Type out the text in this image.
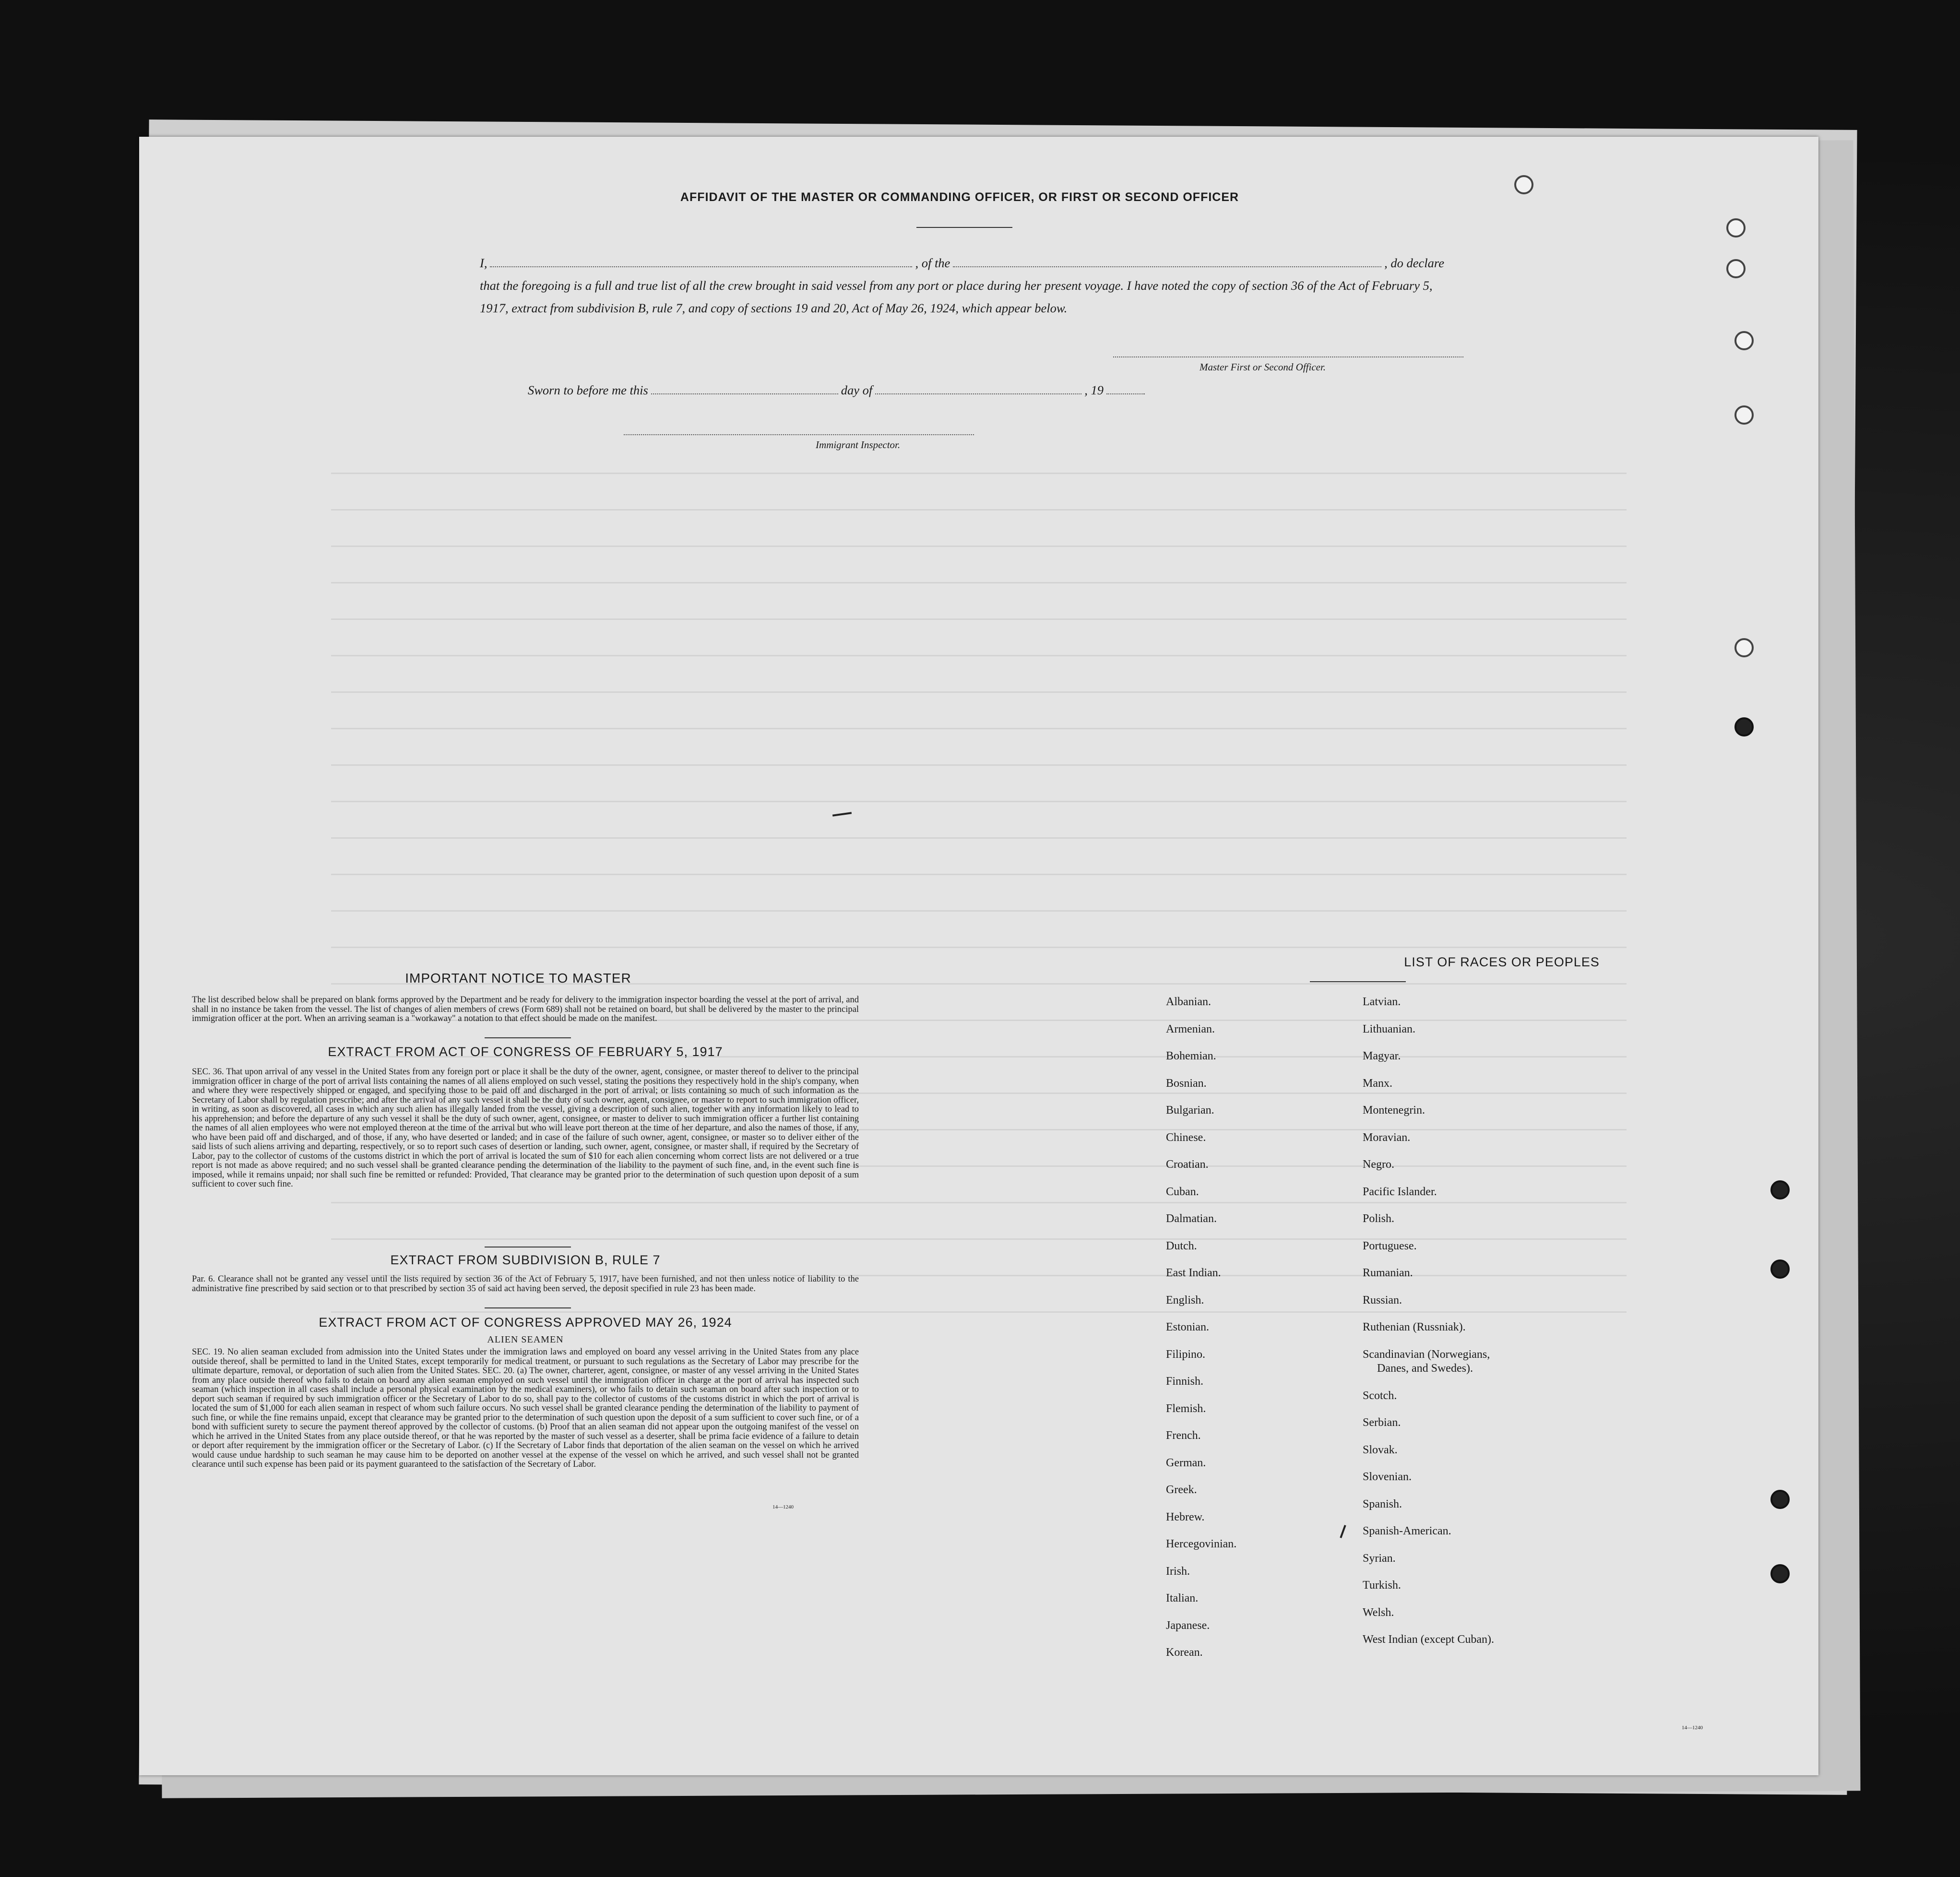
AFFIDAVIT OF THE MASTER OR COMMANDING OFFICER, OR FIRST OR SECOND OFFICER
I,	, of the	, do declare
that the foregoing is a full and true list of all the crew brought in said vessel from any port or place during her present voyage. I have noted the copy of section 36 of the Act of February 5, 1917, extract from subdivision B, rule 7, and copy of sections 19 and 20, Act of May 26, 1924, which appear below.
Master First or Second Officer.
Sworn to before me this	day of	, 19
Immigrant Inspector.
IMPORTANT NOTICE TO MASTER
The list described below shall be prepared on blank forms approved by the Department and be ready for delivery to the immigration inspector boarding the vessel at the port of arrival, and shall in no instance be taken from the vessel. The list of changes of alien members of crews (Form 689) shall not be retained on board, but shall be delivered by the master to the principal immigration officer at the port. When an arriving seaman is a "workaway" a notation to that effect should be made on the manifest.
EXTRACT FROM ACT OF CONGRESS OF FEBRUARY 5, 1917
SEC. 36. That upon arrival of any vessel in the United States from any foreign port or place it shall be the duty of the owner, agent, consignee, or master thereof to deliver to the principal immigration officer in charge of the port of arrival lists containing the names of all aliens employed on such vessel, stating the positions they respectively hold in the ship's company, when and where they were respectively shipped or engaged, and specifying those to be paid off and discharged in the port of arrival; or lists containing so much of such information as the Secretary of Labor shall by regulation prescribe; and after the arrival of any such vessel it shall be the duty of such owner, agent, consignee, or master to report to such immigration officer, in writing, as soon as discovered, all cases in which any such alien has illegally landed from the vessel, giving a description of such alien, together with any information likely to lead to his apprehension; and before the departure of any such vessel it shall be the duty of such owner, agent, consignee, or master to deliver to such immigration officer a further list containing the names of all alien employees who were not employed thereon at the time of the arrival but who will leave port thereon at the time of her departure, and also the names of those, if any, who have been paid off and discharged, and of those, if any, who have deserted or landed; and in case of the failure of such owner, agent, consignee, or master so to deliver either of the said lists of such aliens arriving and departing, respectively, or so to report such cases of desertion or landing, such owner, agent, consignee, or master shall, if required by the Secretary of Labor, pay to the collector of customs of the customs district in which the port of arrival is located the sum of $10 for each alien concerning whom correct lists are not delivered or a true report is not made as above required; and no such vessel shall be granted clearance pending the determination of the liability to the payment of such fine, and, in the event such fine is imposed, while it remains unpaid; nor shall such fine be remitted or refunded: Provided, That clearance may be granted prior to the determination of such question upon deposit of a sum sufficient to cover such fine.
EXTRACT FROM SUBDIVISION B, RULE 7
Par. 6. Clearance shall not be granted any vessel until the lists required by section 36 of the Act of February 5, 1917, have been furnished, and not then unless notice of liability to the administrative fine prescribed by said section or to that prescribed by section 35 of said act having been served, the deposit specified in rule 23 has been made.
EXTRACT FROM ACT OF CONGRESS APPROVED MAY 26, 1924
ALIEN SEAMEN
SEC. 19. No alien seaman excluded from admission into the United States under the immigration laws and employed on board any vessel arriving in the United States from any place outside thereof, shall be permitted to land in the United States, except temporarily for medical treatment, or pursuant to such regulations as the Secretary of Labor may prescribe for the ultimate departure, removal, or deportation of such alien from the United States. SEC. 20. (a) The owner, charterer, agent, consignee, or master of any vessel arriving in the United States from any place outside thereof who fails to detain on board any alien seaman employed on such vessel until the immigration officer in charge at the port of arrival has inspected such seaman (which inspection in all cases shall include a personal physical examination by the medical examiners), or who fails to detain such seaman on board after such inspection or to deport such seaman if required by such immigration officer or the Secretary of Labor to do so, shall pay to the collector of customs of the customs district in which the port of arrival is located the sum of $1,000 for each alien seaman in respect of whom such failure occurs. No such vessel shall be granted clearance pending the determination of the liability to payment of such fine, or while the fine remains unpaid, except that clearance may be granted prior to the determination of such question upon the deposit of a sum sufficient to cover such fine, or of a bond with sufficient surety to secure the payment thereof approved by the collector of customs. (b) Proof that an alien seaman did not appear upon the outgoing manifest of the vessel on which he arrived in the United States from any place outside thereof, or that he was reported by the master of such vessel as a deserter, shall be prima facie evidence of a failure to detain or deport after requirement by the immigration officer or the Secretary of Labor. (c) If the Secretary of Labor finds that deportation of the alien seaman on the vessel on which he arrived would cause undue hardship to such seaman he may cause him to be deported on another vessel at the expense of the vessel on which he arrived, and such vessel shall not be granted clearance until such expense has been paid or its payment guaranteed to the satisfaction of the Secretary of Labor.
14—1240
LIST OF RACES OR PEOPLES
Albanian.
Armenian.
Bohemian.
Bosnian.
Bulgarian.
Chinese.
Croatian.
Cuban.
Dalmatian.
Dutch.
East Indian.
English.
Estonian.
Filipino.
Finnish.
Flemish.
French.
German.
Greek.
Hebrew.
Hercegovinian.
Irish.
Italian.
Japanese.
Korean.
Latvian.
Lithuanian.
Magyar.
Manx.
Montenegrin.
Moravian.
Negro.
Pacific Islander.
Polish.
Portuguese.
Rumanian.
Russian.
Ruthenian (Russniak).
Scandinavian (Norwegians,
Danes, and Swedes).
Scotch.
Serbian.
Slovak.
Slovenian.
Spanish.
Spanish-American.
Syrian.
Turkish.
Welsh.
West Indian (except Cuban).
14—1240
